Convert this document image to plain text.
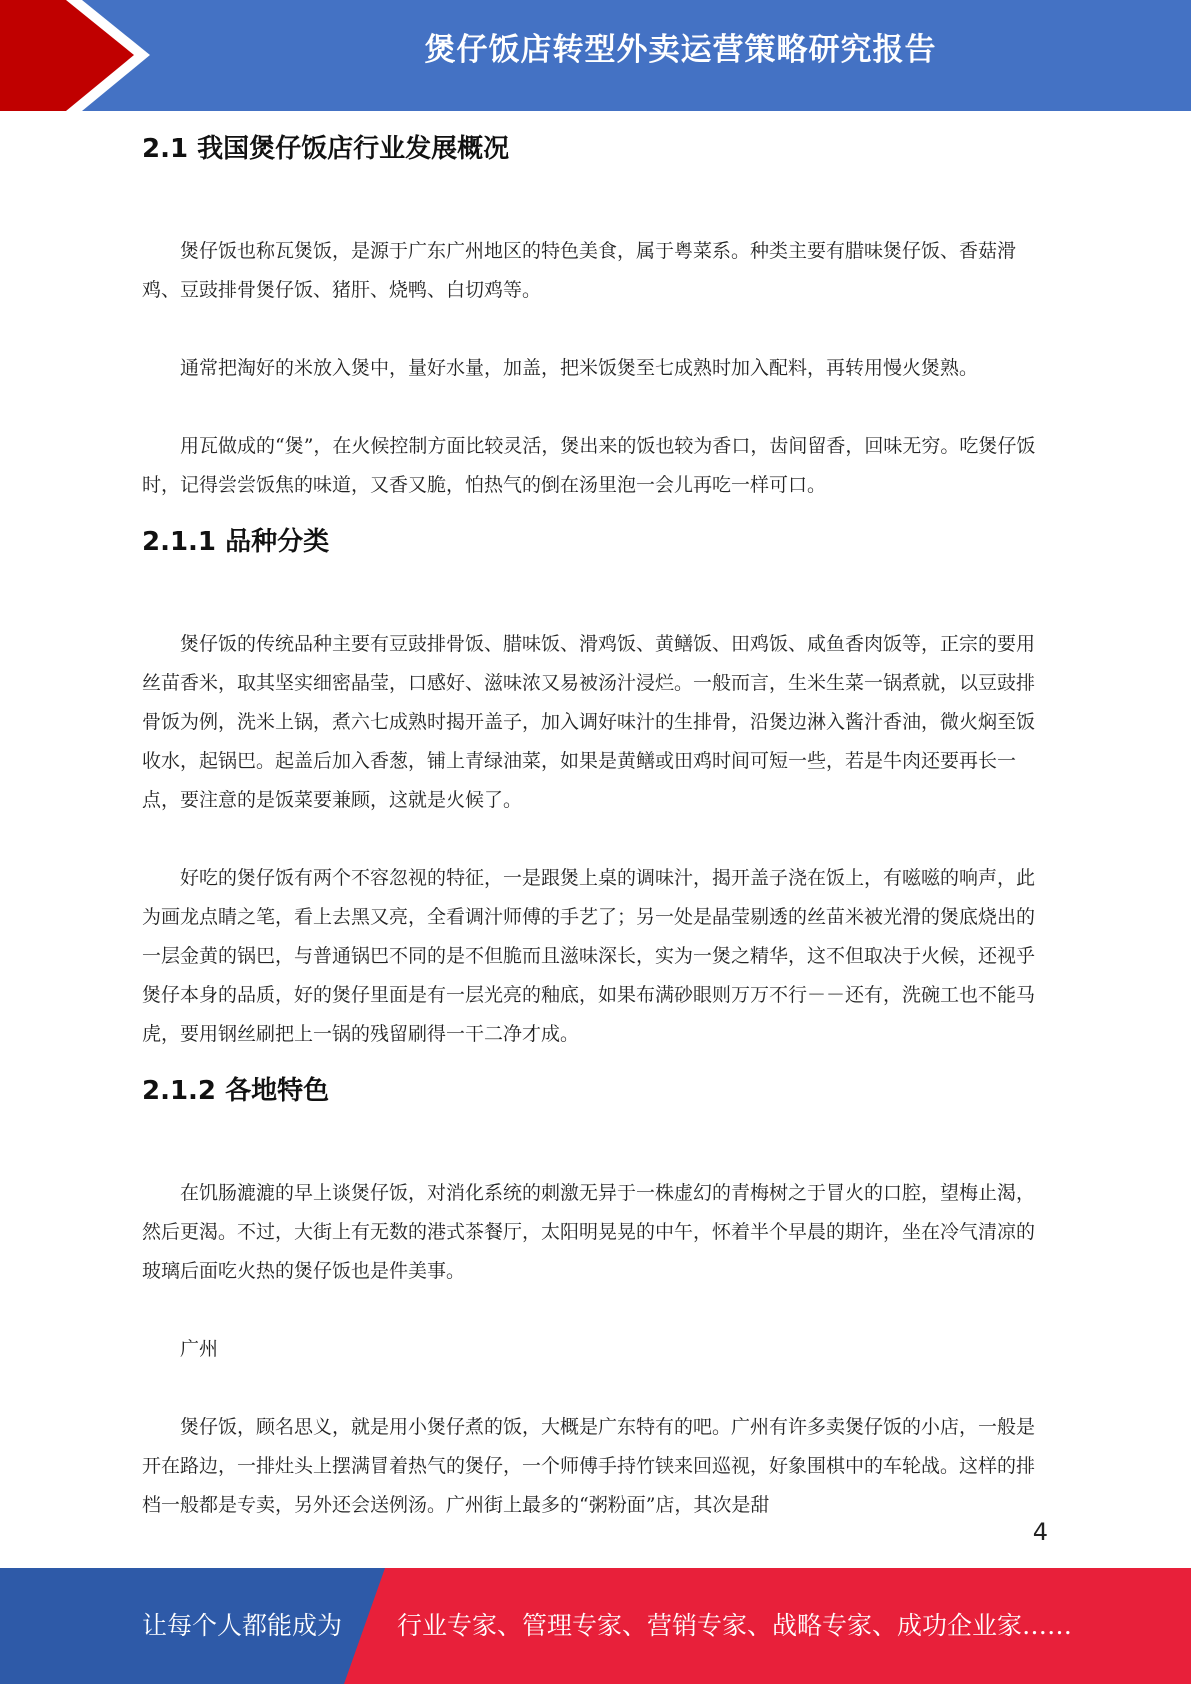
煲仔饭店转型外卖运营策略研究报告
2.1 我国煲仔饭店行业发展概况

煲仔饭也称瓦煲饭，是源于广东广州地区的特色美食，属于粤菜系。种类主要有腊味煲仔饭、香菇滑鸡、豆豉排骨煲仔饭、猪肝、烧鸭、白切鸡等。

通常把淘好的米放入煲中，量好水量，加盖，把米饭煲至七成熟时加入配料，再转用慢火煲熟。

用瓦做成的“煲”，在火候控制方面比较灵活，煲出来的饭也较为香口，齿间留香，回味无穷。吃煲仔饭时，记得尝尝饭焦的味道，又香又脆，怕热气的倒在汤里泡一会儿再吃一样可口。

2.1.1 品种分类

煲仔饭的传统品种主要有豆豉排骨饭、腊味饭、滑鸡饭、黄鳝饭、田鸡饭、咸鱼香肉饭等，正宗的要用丝苗香米，取其坚实细密晶莹，口感好、滋味浓又易被汤汁浸烂。一般而言，生米生菜一锅煮就，以豆豉排骨饭为例，洗米上锅，煮六七成熟时揭开盖子，加入调好味汁的生排骨，沿煲边淋入酱汁香油，微火焖至饭收水，起锅巴。起盖后加入香葱，铺上青绿油菜，如果是黄鳝或田鸡时间可短一些，若是牛肉还要再长一点，要注意的是饭菜要兼顾，这就是火候了。

好吃的煲仔饭有两个不容忽视的特征，一是跟煲上桌的调味汁，揭开盖子浇在饭上，有嗞嗞的响声，此为画龙点睛之笔，看上去黑又亮，全看调汁师傅的手艺了；另一处是晶莹剔透的丝苗米被光滑的煲底烧出的一层金黄的锅巴，与普通锅巴不同的是不但脆而且滋味深长，实为一煲之精华，这不但取决于火候，还视乎煲仔本身的品质，好的煲仔里面是有一层光亮的釉底，如果布满砂眼则万万不行－－还有，洗碗工也不能马虎，要用钢丝刷把上一锅的残留刷得一干二净才成。

2.1.2 各地特色

在饥肠漉漉的早上谈煲仔饭，对消化系统的刺激无异于一株虚幻的青梅树之于冒火的口腔，望梅止渴，然后更渴。不过，大街上有无数的港式茶餐厅，太阳明晃晃的中午，怀着半个早晨的期许，坐在冷气清凉的玻璃后面吃火热的煲仔饭也是件美事。

广州

煲仔饭，顾名思义，就是用小煲仔煮的饭，大概是广东特有的吧。广州有许多卖煲仔饭的小店，一般是开在路边，一排灶头上摆满冒着热气的煲仔，一个师傅手持竹铗来回巡视，好象围棋中的车轮战。这样的排档一般都是专卖，另外还会送例汤。广州街上最多的“粥粉面”店，其次是甜

4
让每个人都能成为 行业专家、管理专家、营销专家、战略专家、成功企业家……
